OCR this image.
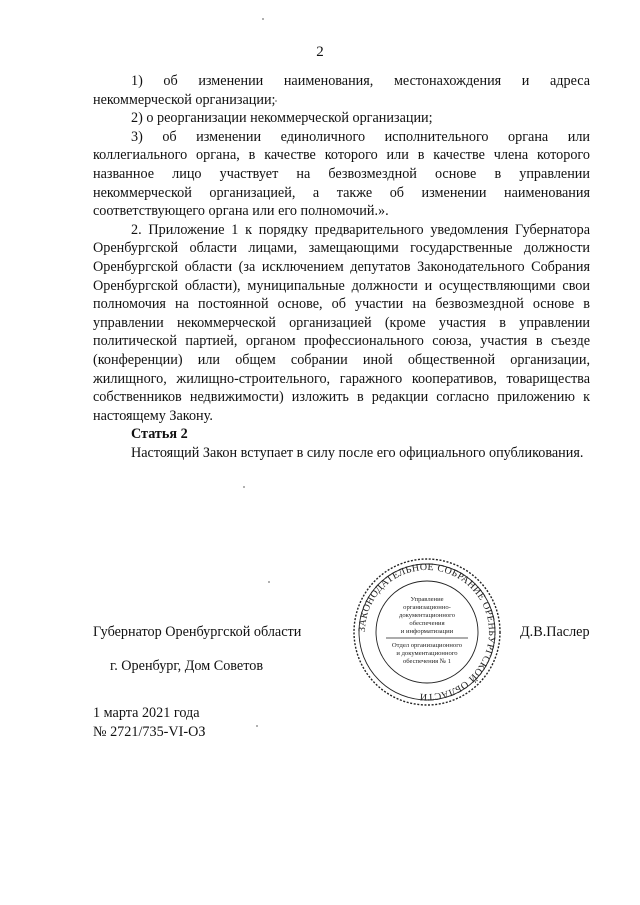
2

1) об изменении наименования, местонахождения и адреса некоммерческой организации;

2) о реорганизации некоммерческой организации;

3) об изменении единоличного исполнительного органа или коллегиального органа, в качестве которого или в качестве члена которого названное лицо участвует на безвозмездной основе в управлении некоммерческой организацией, а также об изменении наименования соответствующего органа или его полномочий.».

2. Приложение 1 к порядку предварительного уведомления Губернатора Оренбургской области лицами, замещающими государственные должности Оренбургской области (за исключением депутатов Законодательного Собрания Оренбургской области), муниципальные должности и осуществляющими свои полномочия на постоянной основе, об участии на безвозмездной основе в управлении некоммерческой организацией (кроме участия в управлении политической партией, органом профессионального союза, участия в съезде (конференции) или общем собрании иной общественной организации, жилищного, жилищно-строительного, гаражного кооперативов, товарищества собственников недвижимости) изложить в редакции согласно приложению к настоящему Закону.

Статья 2

Настоящий Закон вступает в силу после его официального опубликования.

Губернатор Оренбургской области	Д.В.Паслер
г. Оренбург, Дом Советов
1 марта 2021 года
№ 2721/735-VI-ОЗ
ЗАКОНОДАТЕЛЬНОЕ СОБРАНИЕ ОРЕНБУРГСКОЙ ОБЛАСТИ
Управление
организационно-
документационного
обеспечения
и информатизации
Отдел организационного
и документационного
обеспечения № 1
